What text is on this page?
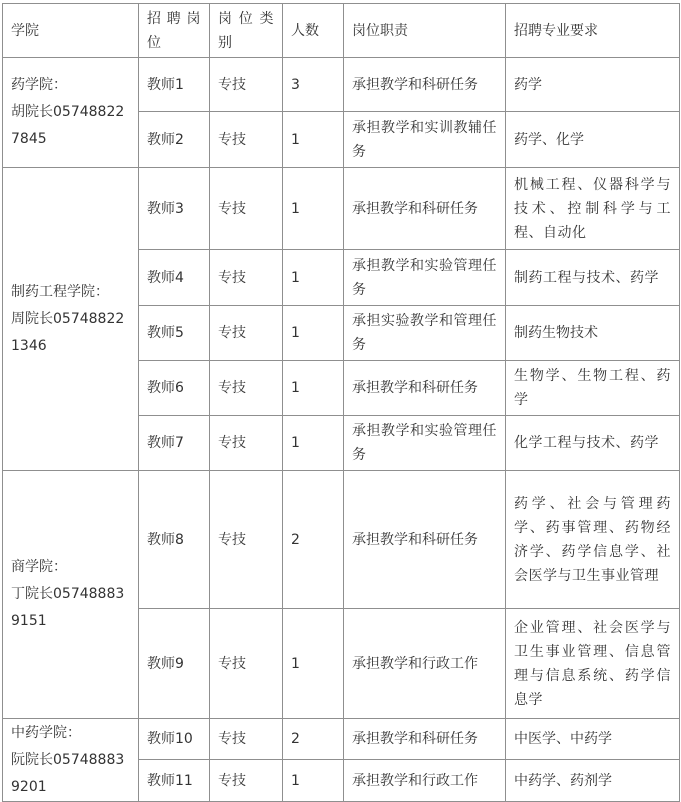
学院	招聘岗位	岗位类别	人数	岗位职责	招聘专业要求

药学院：
胡院长05748822
7845	教师1	专技	3	承担教学和科研任务	药学
	教师2	专技	1	承担教学和实训教辅任务	药学、化学

制药工程学院：
周院长05748822
1346	教师3	专技	1	承担教学和科研任务	机械工程、仪器科学与技术、控制科学与工程、自动化
	教师4	专技	1	承担教学和实验管理任务	制药工程与技术、药学
	教师5	专技	1	承担实验教学和管理任务	制药生物技术
	教师6	专技	1	承担教学和科研任务	生物学、生物工程、药学
	教师7	专技	1	承担教学和实验管理任务	化学工程与技术、药学

商学院：
丁院长05748883
9151	教师8	专技	2	承担教学和科研任务	药学、社会与管理药学、药事管理、药物经济学、药学信息学、社会医学与卫生事业管理
	教师9	专技	1	承担教学和行政工作	企业管理、社会医学与卫生事业管理、信息管理与信息系统、药学信息学

中药学院：
阮院长05748883
9201	教师10	专技	2	承担教学和科研任务	中医学、中药学
	教师11	专技	1	承担教学和行政工作	中药学、药剂学
